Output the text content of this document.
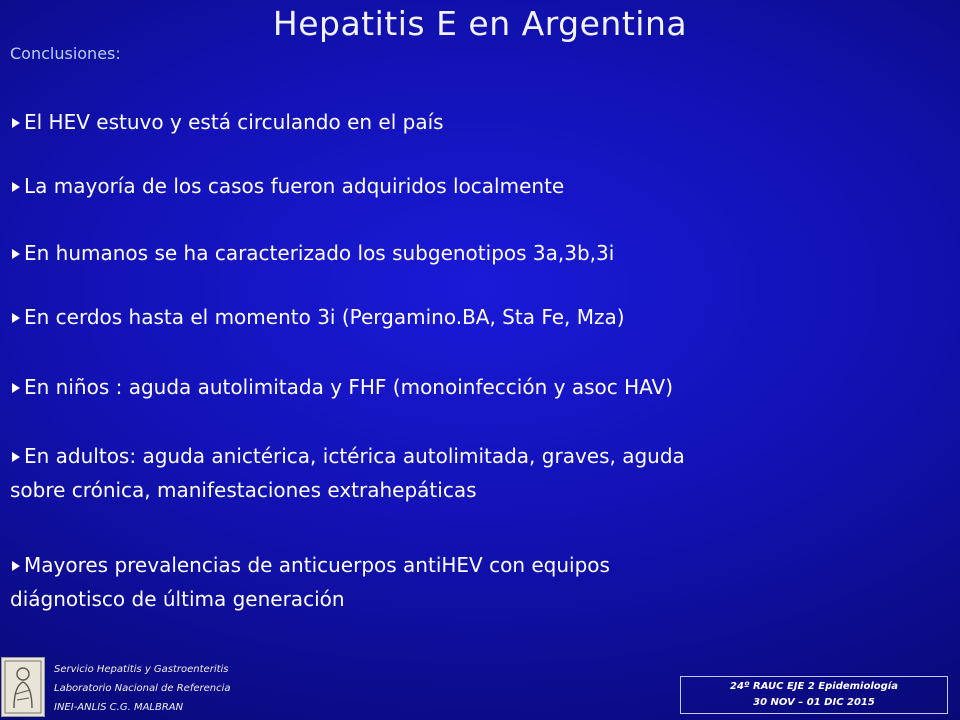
Hepatitis E en Argentina
Conclusiones:
El HEV estuvo y está circulando en el país
La mayoría de los casos fueron adquiridos localmente
En humanos se ha caracterizado los subgenotipos 3a,3b,3i
En cerdos hasta el momento 3i (Pergamino.BA, Sta Fe, Mza)
En niños : aguda autolimitada y FHF (monoinfección y asoc HAV)
En adultos: aguda anictérica, ictérica autolimitada, graves, aguda
sobre crónica, manifestaciones extrahepáticas
Mayores prevalencias de anticuerpos antiHEV con equipos
diágnotisco de última generación
Servicio Hepatitis y Gastroenteritis
Laboratorio Nacional de Referencia
INEI-ANLIS C.G. MALBRAN
24º RAUC EJE 2 Epidemiología
30 NOV – 01 DIC 2015
